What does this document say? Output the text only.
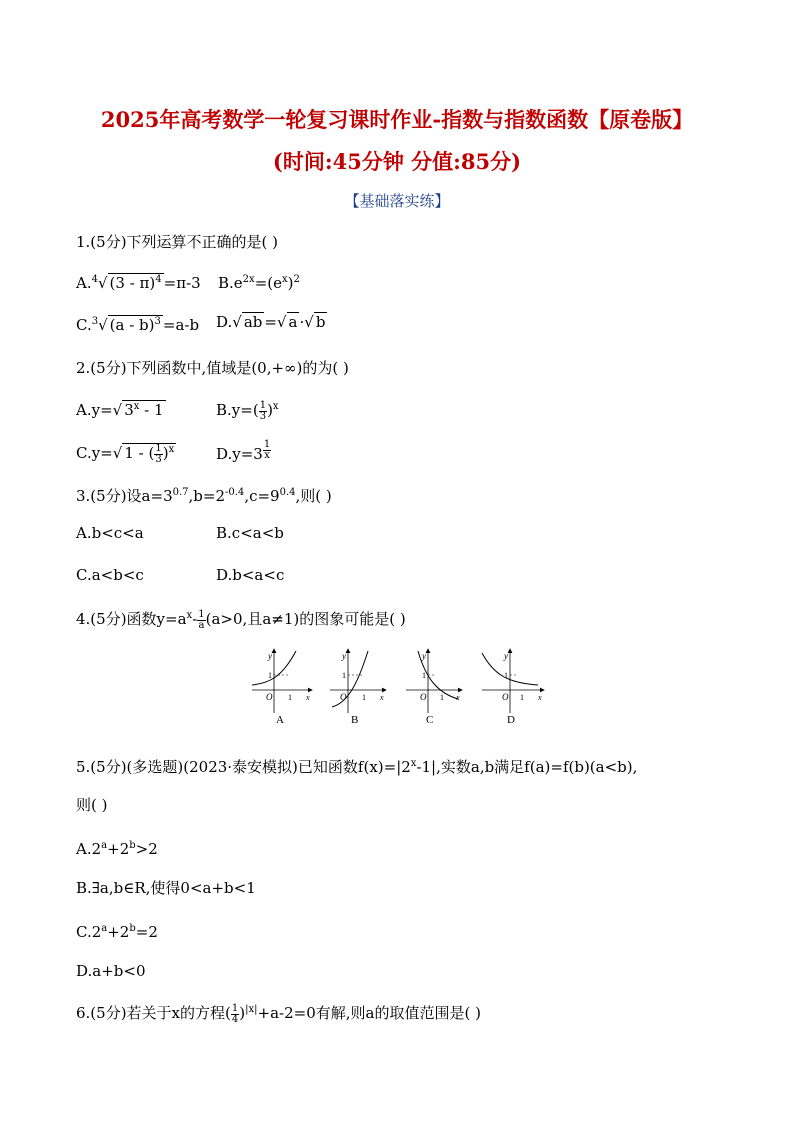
2025年高考数学一轮复习课时作业-指数与指数函数【原卷版】
(时间:45分钟 分值:85分)
【基础落实练】
1.(5分)下列运算不正确的是( )
A.$^4$√ (3 - π)$^4$ =π-3 $B.e^{2x}=(e^x)^2$
C.$^3$√ (a - b)$^3$ =a-b D.√ ab =√ a ·√ b
2.(5分)下列函数中,值域是(0,+∞)的为( )
A.y=√ 3$^x$ - 1	$B.y=( \frac{1}{3} )^x$
C.y=√ 1 - ( $\frac{1}{3} )^x$	D.y=3 $^{\frac{1}{x}}$
3.(5分)设$a=3^{0.7},b=2^{-0.4},c=9^{0.4}$,则( )
A.b<c<a	B.c<a<b
C.a<b<c	D.b<a<c
4.(5分)函数$y=a^x- \frac{1}{a} (a>0$,且a≠1)的图象可能是( )
y
1
O 1 x
y
1
O 1 x
y
1
O 1 x
y
1
O 1 x
A	B	C	D
5.(5分)(多选题)(2023·泰安模拟)已知函数$f(x)=|2^x-1|$,实数a,b满足f(a)=f(b)(a<b),
则( )
$A.2^a+2^b>2$
B.∃a,b∈R,使得0<a+b<1
$C.2^a+2^b=2$
D.a+b<0
6.(5分)若关于x的方程( $\frac{1}{4} )^{|x|}+a-2=0$有解,则a的取值范围是( )
